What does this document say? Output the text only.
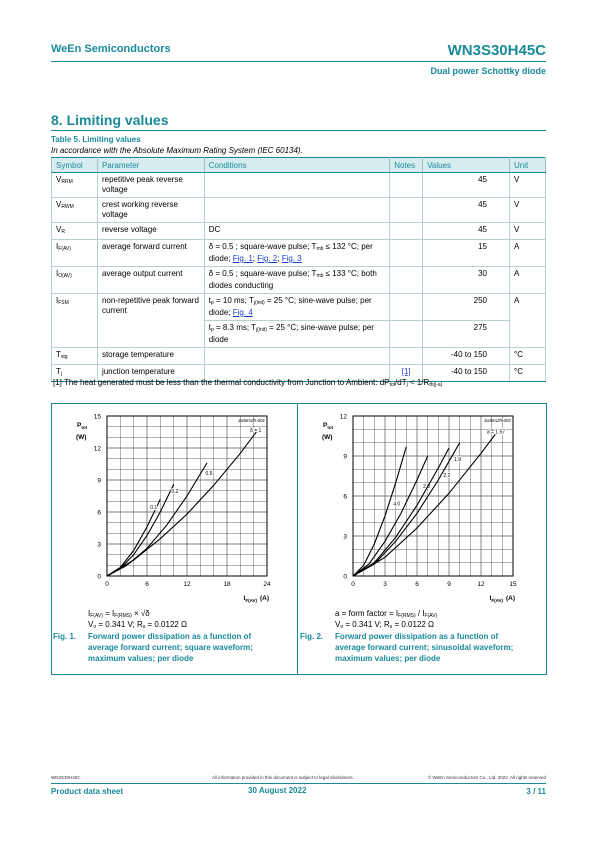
WeEn Semiconductors	WN3S30H45C
Dual power Schottky diode
8. Limiting values
Table 5. Limiting values
In accordance with the Absolute Maximum Rating System (IEC 60134).
Symbol	Parameter	Conditions	Notes	Values	Unit
$V_{RRM}$	repetitive peak reverse voltage			45	V
$V_{RWM}$	crest working reverse voltage			45	V
$V_R$	reverse voltage	DC		45	V
$I_{F(AV)}$	average forward current	δ = 0.5 ; square-wave pulse; $T_{mb} \le 132$ °C; per diode; Fig. 1; Fig. 2; Fig. 3		15	A
$I_{O(AV)}$	average output current	δ = 0.5 ; square-wave pulse; $T_{mb} \le 133$ °C; both diodes conducting		30	A
$I_{FSM}$	non-repetitive peak forward current	$t_p = 10$ ms; $T_{j(init)} = 25$ °C; sine-wave pulse; per diode; Fig. 4		250	A
		$t_p = 8.3$ ms; $T_{j(init)} = 25$ °C; sine-wave pulse; per diode		275	
$T_{stg}$	storage temperature			-40 to 150	°C
$T_j$	junction temperature		[1]	-40 to 150	°C
[1] The heat generated must be less than the thermal conductivity from Junction to Ambient: $dP_{tot}/dT_j < 1/R_{th(j-a)}$
0	6	12	18	24
0
3
6
9
12
15
$P_{tot}$
(W)
$I_{F(AV)}$ (A)
3wl0m2h-001
0.1
0.2
0.5
δ = 1
0	3	6	9	12	15
0
3
6
9
12
$P_{tot}$
(W)
$I_{F(AV)}$ (A)
3wl0m2h-002
4.0
2.8
2.2
1.9
a = 1.57
$I_{F(AV)} = I_{F(RMS)} \times √\delta$
$V_o = 0.341$ V; $R_s = 0.0122$ Ω
Fig. 1. Forward power dissipation as a function of
average forward current; square waveform;
maximum values; per diode
a = form factor = $I_{F(RMS)} / I_{F(AV)}$
$V_o = 0.341$ V; $R_s = 0.0122$ Ω
Fig. 2. Forward power dissipation as a function of
average forward current; sinusoidal waveform;
maximum values; per diode
WN3S30H45C	All information provided in this document is subject to legal disclaimers.	© WeEn Semiconductors Co., Ltd. 2022. All rights reserved
Product data sheet	30 August 2022	3 / 11
